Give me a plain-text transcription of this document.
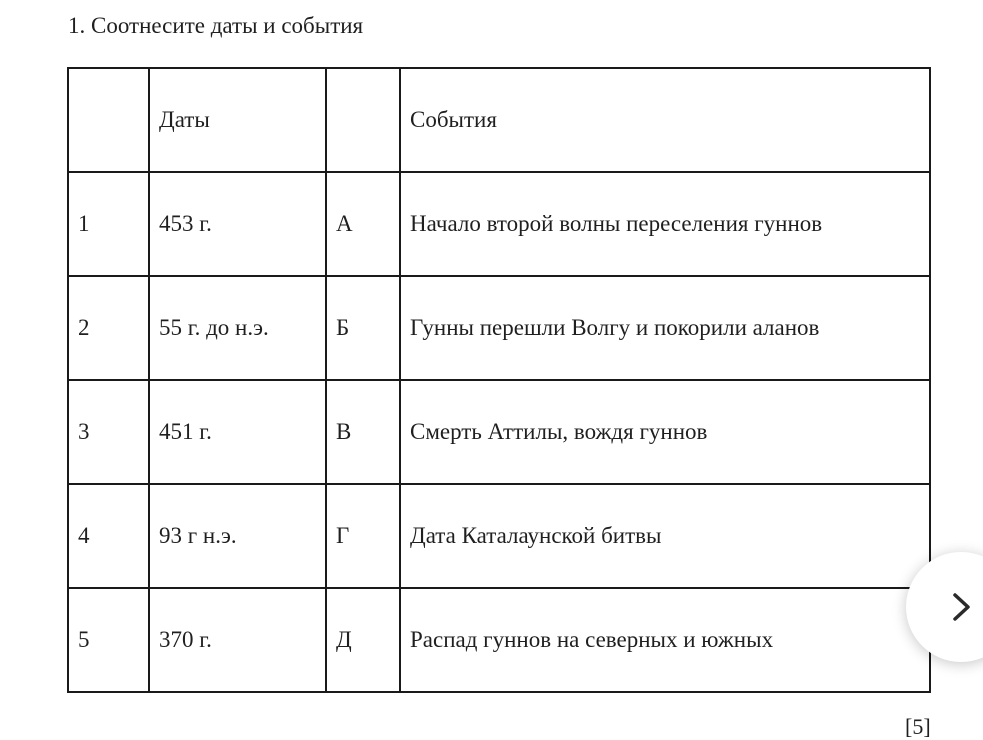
1. Соотнесите даты и события
	Даты		События
1	453 г.	А	Начало второй волны переселения гуннов
2	55 г. до н.э.	Б	Гунны перешли Волгу и покорили аланов
3	451 г.	В	Смерть Аттилы, вождя гуннов
4	93 г н.э.	Г	Дата Каталаунской битвы
5	370 г.	Д	Распад гуннов на северных и южных
[5]
